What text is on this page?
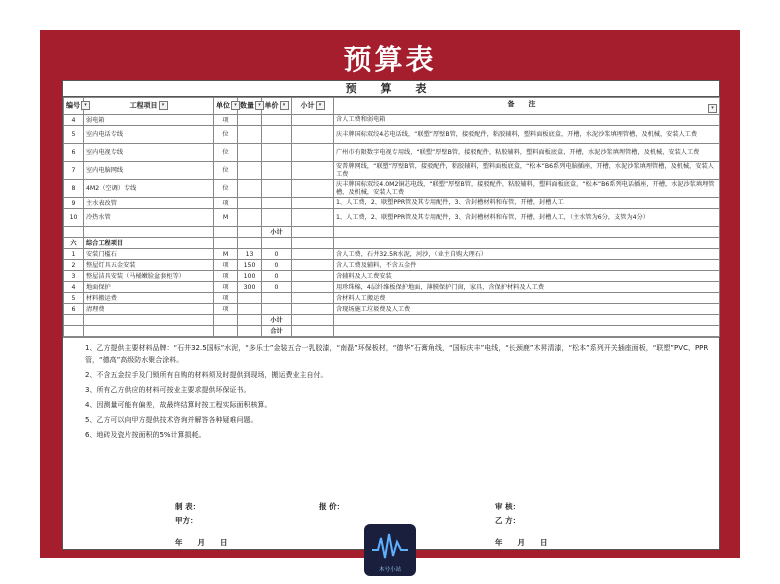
预算表
预 算 表
编号 ▾	工程项目 ▾	单位 ▾	数量 ▾	单价 ▾	小计 ▾	备　　注 ▾

4	弱电箱	项				含人工费和弱电箱
5	室内电话专线	位				庆丰牌国标双绞4芯电话线，“联塑”厚壁B管，接驳配件，粘胶辅料，塑料面板底盒，开槽，水泥沙浆填埋管槽，及机械，安装人工费
6	室内电视专线	位				广州市有限数字电视专用线，“联塑”厚壁B管，接驳配件，粘胶辅料，塑料面板底盒，开槽，水泥沙浆填埋管槽，及机械，安装人工费
7	室内电脑网线	位				安普牌网线，“联塑”厚壁B管，接驳配件，粘胶辅料，塑料面板底盒，“松本”B6系列电脑插座，开槽，水泥沙浆填埋管槽，及机械，安装人工费
8	4M2（空调）专线	位				庆丰牌国标双绞4.0M2铜芯电线，“联塑”厚壁B管，接驳配件，粘胶辅料，塑料面板底盒，“松本”B6系列电话插座，开槽，水泥沙浆填埋管槽，及机械，安装人工费
9	主水表改管	项				1、人工费，2、联塑PPR管及其专用配件，3、含封槽材料和布管，开槽，封槽人工
10	冷热水管	M				1、人工费，2、联塑PPR管及其专用配件，3、含封槽材料和布管，开槽，封槽人工，（主水管为6分，支管为4分）
				小计		
六	综合工程项目					
1	安装门槛石	M	13	0		含人工费，石井32.5R水泥，河沙，（业主自购大理石）
2	整屋灯具五金安装	项	150	0		含人工费及辅料，不含五金件
3	整屋洁具安装（马桶嫩脸盆套柜等）	项	100	0		含辅料及人工费安装
4	地面保护	项	300	0		用珍珠棉，4层纤维板保护地面，薄膜保护门窗，家具，含保护材料及人工费
5	材料搬运费	项				含材料人工搬运费
6	清理费	项				含现场施工垃圾费及人工费
				小计		
				合计		

1、乙方提供主要材料品牌：“石井32.5国标”水泥，“多乐士”金装五合一乳胶漆，“南磊”环保板材，“德华”石膏角线，“国标庆丰”电线，“长颈鹿”木昇清漆，“松本”系列开关插座面板，“联塑”PVC、PPR管，“德高”高级防水聚合涂料。

2、不含五金拉手及门锁所有自购的材料须及时提供到现场，搬运费业主自付。

3、所有乙方供应的材料可按业主要求提供环保证书。

4、因测量可能有偏差，故最终结算时按工程实际面积核算。

5、乙方可以向甲方提供技术咨询并解答各种疑难问题。

6、地砖及瓷片按面积的5%计算损耗。

制 表：	报 价：	审 核：
甲方：	乙 方：
年　　月　　日	年　　月　　日
木兮小站
